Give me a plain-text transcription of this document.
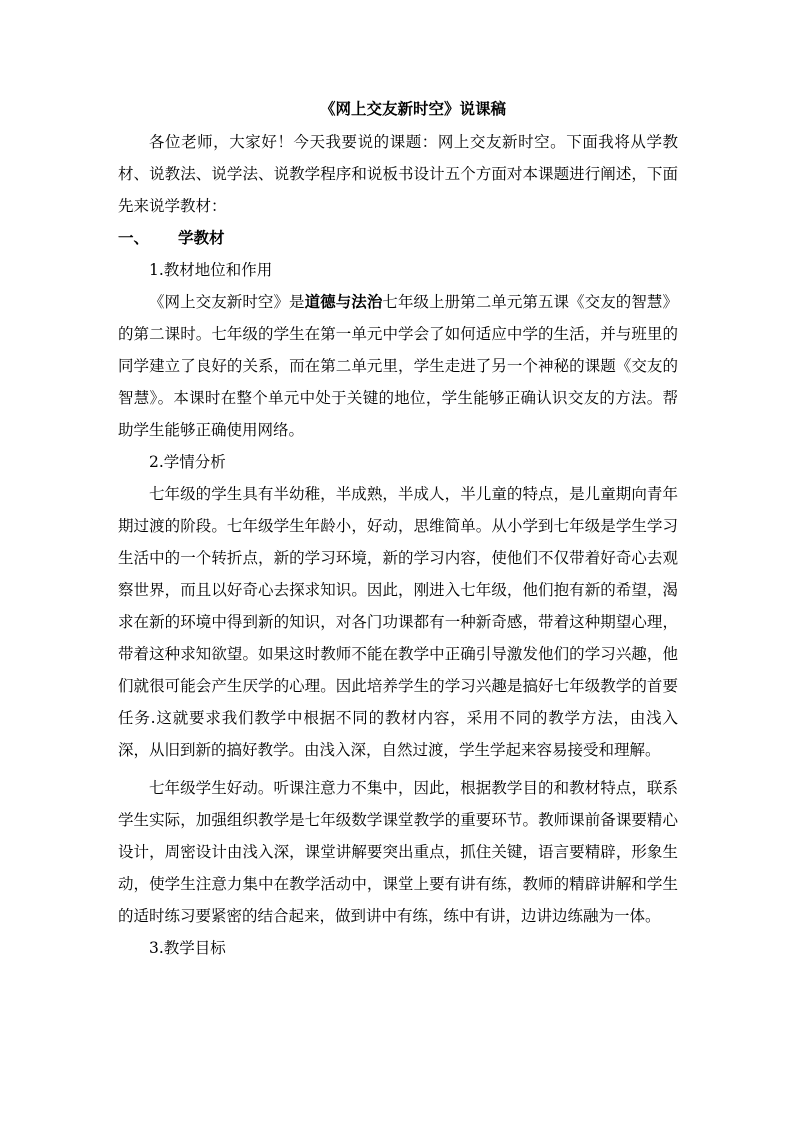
《网上交友新时空》说课稿

各位老师，大家好！今天我要说的课题：网上交友新时空。下面我将从学教材、说教法、说学法、说教学程序和说板书设计五个方面对本课题进行阐述，下面先来说学教材：

一、 学教材

1.教材地位和作用

《网上交友新时空》是道德与法治七年级上册第二单元第五课《交友的智慧》的第二课时。七年级的学生在第一单元中学会了如何适应中学的生活，并与班里的同学建立了良好的关系，而在第二单元里，学生走进了另一个神秘的课题《交友的智慧》。本课时在整个单元中处于关键的地位，学生能够正确认识交友的方法。帮助学生能够正确使用网络。

2.学情分析

七年级的学生具有半幼稚，半成熟，半成人，半儿童的特点，是儿童期向青年期过渡的阶段。七年级学生年龄小，好动，思维简单。从小学到七年级是学生学习生活中的一个转折点，新的学习环境，新的学习内容，使他们不仅带着好奇心去观察世界，而且以好奇心去探求知识。因此，刚进入七年级，他们抱有新的希望，渴求在新的环境中得到新的知识，对各门功课都有一种新奇感，带着这种期望心理，带着这种求知欲望。如果这时教师不能在教学中正确引导激发他们的学习兴趣，他们就很可能会产生厌学的心理。因此培养学生的学习兴趣是搞好七年级教学的首要任务.这就要求我们教学中根据不同的教材内容，采用不同的教学方法，由浅入深，从旧到新的搞好教学。由浅入深，自然过渡，学生学起来容易接受和理解。

七年级学生好动。听课注意力不集中，因此，根据教学目的和教材特点，联系学生实际，加强组织教学是七年级数学课堂教学的重要环节。教师课前备课要精心设计，周密设计由浅入深，课堂讲解要突出重点，抓住关键，语言要精辟，形象生动，使学生注意力集中在教学活动中，课堂上要有讲有练，教师的精辟讲解和学生的适时练习要紧密的结合起来，做到讲中有练，练中有讲，边讲边练融为一体。

3.教学目标
